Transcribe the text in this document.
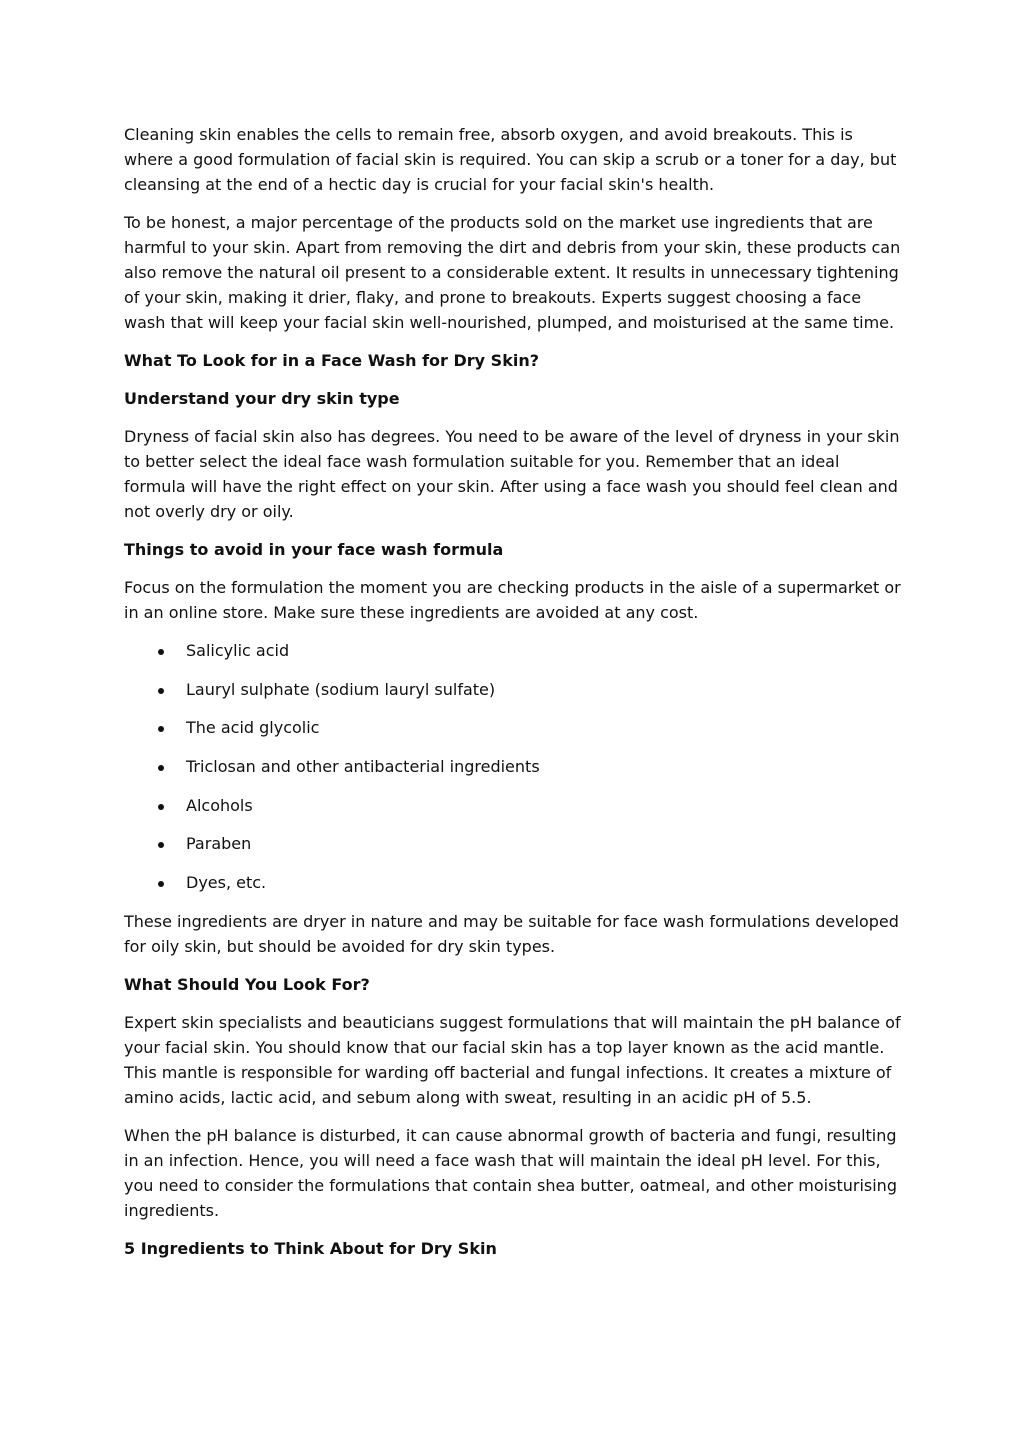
Cleaning skin enables the cells to remain free, absorb oxygen, and avoid breakouts. This is where a good formulation of facial skin is required. You can skip a scrub or a toner for a day, but cleansing at the end of a hectic day is crucial for your facial skin's health.

To be honest, a major percentage of the products sold on the market use ingredients that are harmful to your skin. Apart from removing the dirt and debris from your skin, these products can also remove the natural oil present to a considerable extent. It results in unnecessary tightening of your skin, making it drier, flaky, and prone to breakouts. Experts suggest choosing a face wash that will keep your facial skin well-nourished, plumped, and moisturised at the same time.

What To Look for in a Face Wash for Dry Skin?
Understand your dry skin type

Dryness of facial skin also has degrees. You need to be aware of the level of dryness in your skin to better select the ideal face wash formulation suitable for you. Remember that an ideal formula will have the right effect on your skin. After using a face wash you should feel clean and not overly dry or oily.

Things to avoid in your face wash formula

Focus on the formulation the moment you are checking products in the aisle of a supermarket or in an online store. Make sure these ingredients are avoided at any cost.

Salicylic acid
Lauryl sulphate (sodium lauryl sulfate)
The acid glycolic
Triclosan and other antibacterial ingredients
Alcohols
Paraben
Dyes, etc.

These ingredients are dryer in nature and may be suitable for face wash formulations developed for oily skin, but should be avoided for dry skin types.

What Should You Look For?

Expert skin specialists and beauticians suggest formulations that will maintain the pH balance of your facial skin. You should know that our facial skin has a top layer known as the acid mantle. This mantle is responsible for warding off bacterial and fungal infections. It creates a mixture of amino acids, lactic acid, and sebum along with sweat, resulting in an acidic pH of 5.5.

When the pH balance is disturbed, it can cause abnormal growth of bacteria and fungi, resulting in an infection. Hence, you will need a face wash that will maintain the ideal pH level. For this, you need to consider the formulations that contain shea butter, oatmeal, and other moisturising ingredients.

5 Ingredients to Think About for Dry Skin
